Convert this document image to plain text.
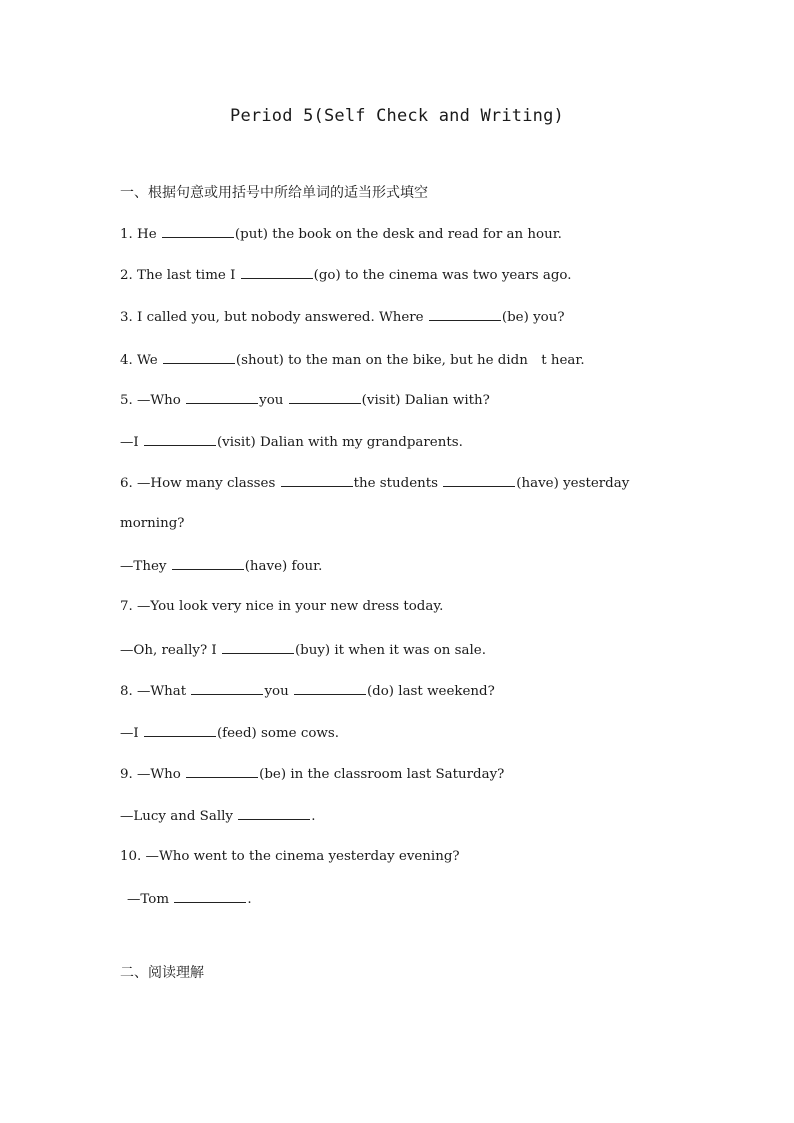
Period 5(Self Check and Writing)
一、根据句意或用括号中所给单词的适当形式填空
1. He	(put) the book on the desk and read for an hour.
2. The last time I	(go) to the cinema was two years ago.
3. I called you, but nobody answered. Where	(be) you?
4. We	(shout) to the man on the bike, but he didn　t hear.
5. —Who	you	(visit) Dalian with?
—I	(visit) Dalian with my grandparents.
6. —How many classes	the students	(have) yesterday
morning?
—They	(have) four.
7. —You look very nice in your new dress today.
—Oh, really? I	(buy) it when it was on sale.
8. —What	you	(do) last weekend?
—I	(feed) some cows.
9. —Who	(be) in the classroom last Saturday?
—Lucy and Sally	.
10. —Who went to the cinema yesterday evening?
—Tom	.
二、阅读理解
